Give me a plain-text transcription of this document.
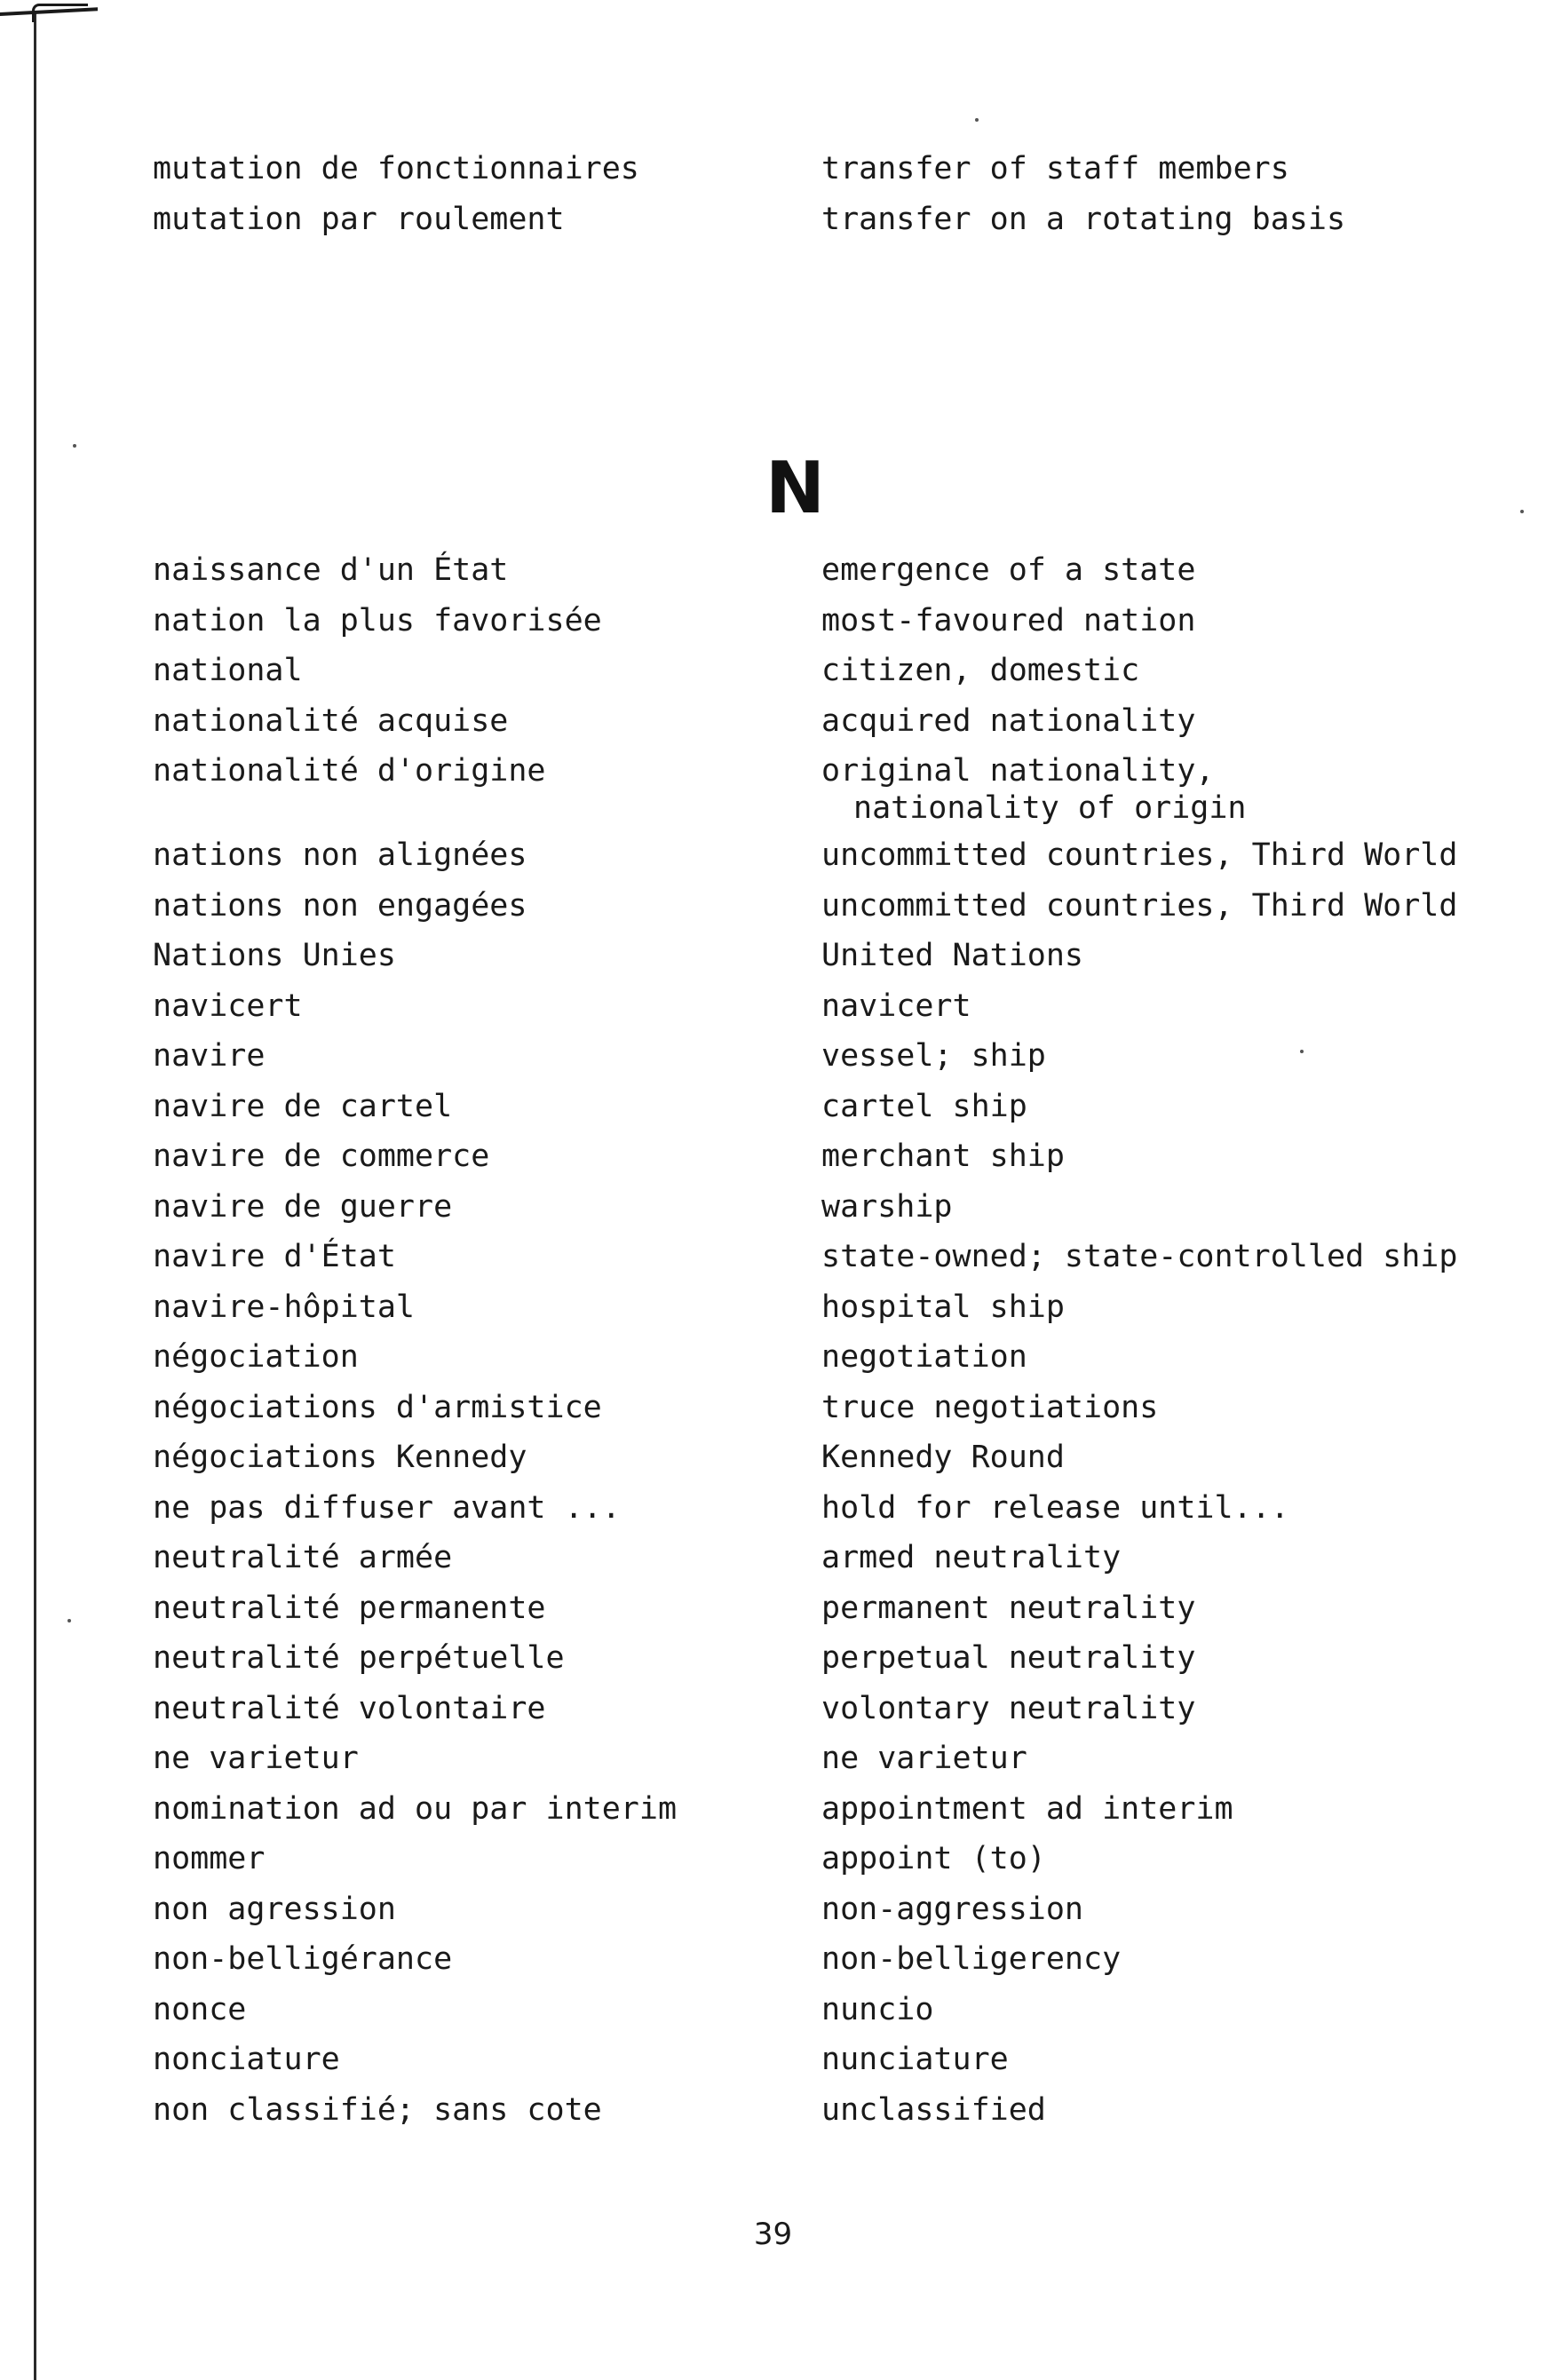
mutation de fonctionnaires	transfer of staff members
mutation par roulement	transfer on a rotating basis
N
naissance d'un État	emergence of a state
nation la plus favorisée	most-favoured nation
national	citizen, domestic
nationalité acquise	acquired nationality
nationalité d'origine	original nationality,
nationality of origin
nations non alignées	uncommitted countries, Third World
nations non engagées	uncommitted countries, Third World
Nations Unies	United Nations
navicert	navicert
navire	vessel; ship
navire de cartel	cartel ship
navire de commerce	merchant ship
navire de guerre	warship
navire d'État	state-owned; state-controlled ship
navire-hôpital	hospital ship
négociation	negotiation
négociations d'armistice	truce negotiations
négociations Kennedy	Kennedy Round
ne pas diffuser avant ...	hold for release until...
neutralité armée	armed neutrality
neutralité permanente	permanent neutrality
neutralité perpétuelle	perpetual neutrality
neutralité volontaire	volontary neutrality
ne varietur	ne varietur
nomination ad ou par interim	appointment ad interim
nommer	appoint (to)
non agression	non-aggression
non-belligérance	non-belligerency
nonce	nuncio
nonciature	nunciature
non classifié; sans cote	unclassified
39
